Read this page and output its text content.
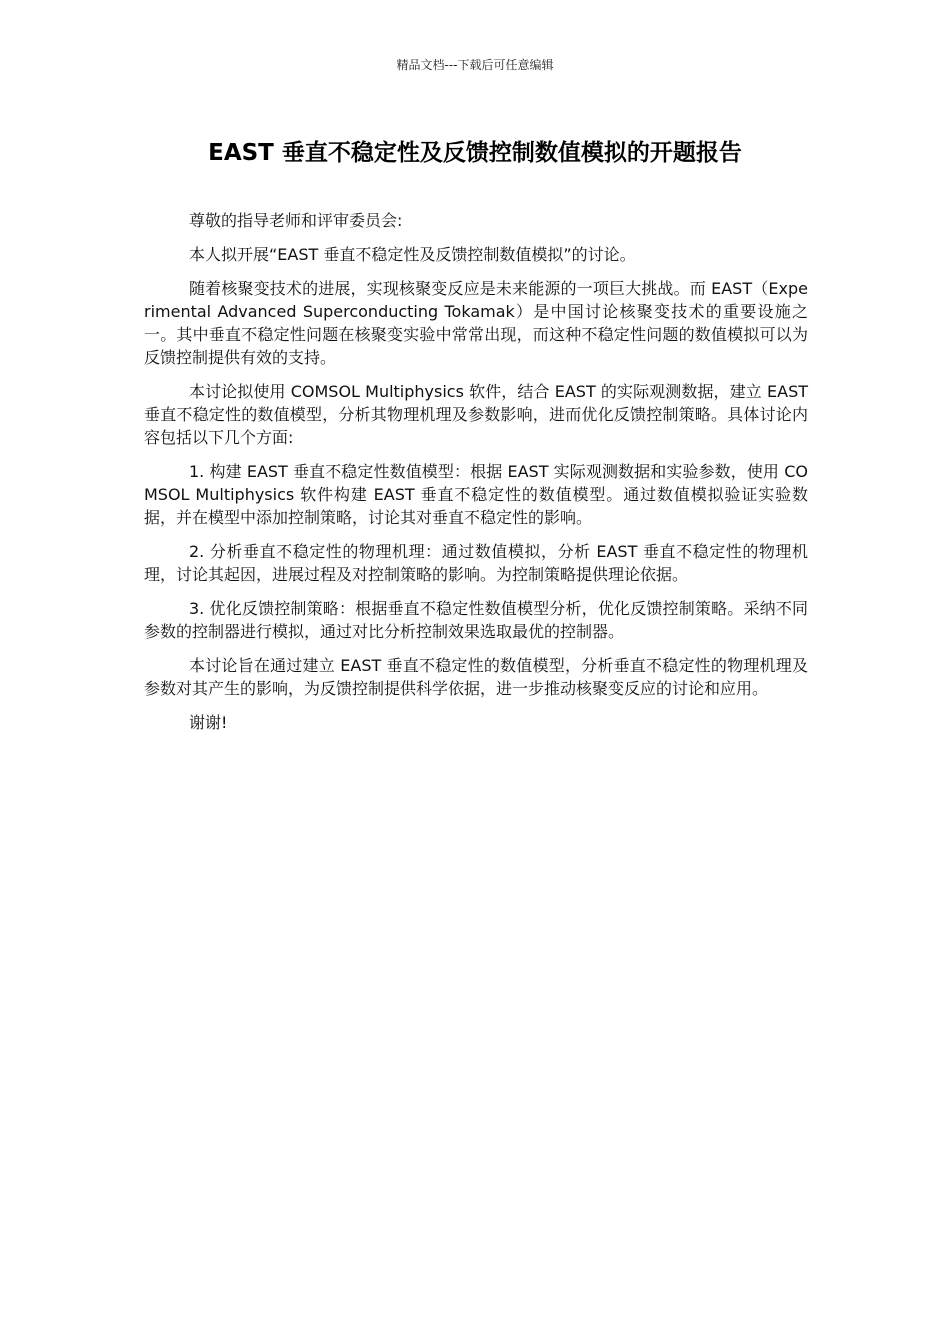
精品文档---下载后可任意编辑
EAST 垂直不稳定性及反馈控制数值模拟的开题报告

尊敬的指导老师和评审委员会:

本人拟开展“EAST 垂直不稳定性及反馈控制数值模拟”的讨论。

随着核聚变技术的进展，实现核聚变反应是未来能源的一项巨大挑战。而 EAST（Experimental Advanced Superconducting Tokamak）是中国讨论核聚变技术的重要设施之一。其中垂直不稳定性问题在核聚变实验中常常出现，而这种不稳定性问题的数值模拟可以为反馈控制提供有效的支持。

本讨论拟使用 COMSOL Multiphysics 软件，结合 EAST 的实际观测数据，建立 EAST 垂直不稳定性的数值模型，分析其物理机理及参数影响，进而优化反馈控制策略。具体讨论内容包括以下几个方面:

1. 构建 EAST 垂直不稳定性数值模型：根据 EAST 实际观测数据和实验参数，使用 COMSOL Multiphysics 软件构建 EAST 垂直不稳定性的数值模型。通过数值模拟验证实验数据，并在模型中添加控制策略，讨论其对垂直不稳定性的影响。

2. 分析垂直不稳定性的物理机理：通过数值模拟，分析 EAST 垂直不稳定性的物理机理，讨论其起因，进展过程及对控制策略的影响。为控制策略提供理论依据。

3. 优化反馈控制策略：根据垂直不稳定性数值模型分析，优化反馈控制策略。采纳不同参数的控制器进行模拟，通过对比分析控制效果选取最优的控制器。

本讨论旨在通过建立 EAST 垂直不稳定性的数值模型，分析垂直不稳定性的物理机理及参数对其产生的影响，为反馈控制提供科学依据，进一步推动核聚变反应的讨论和应用。

谢谢!
